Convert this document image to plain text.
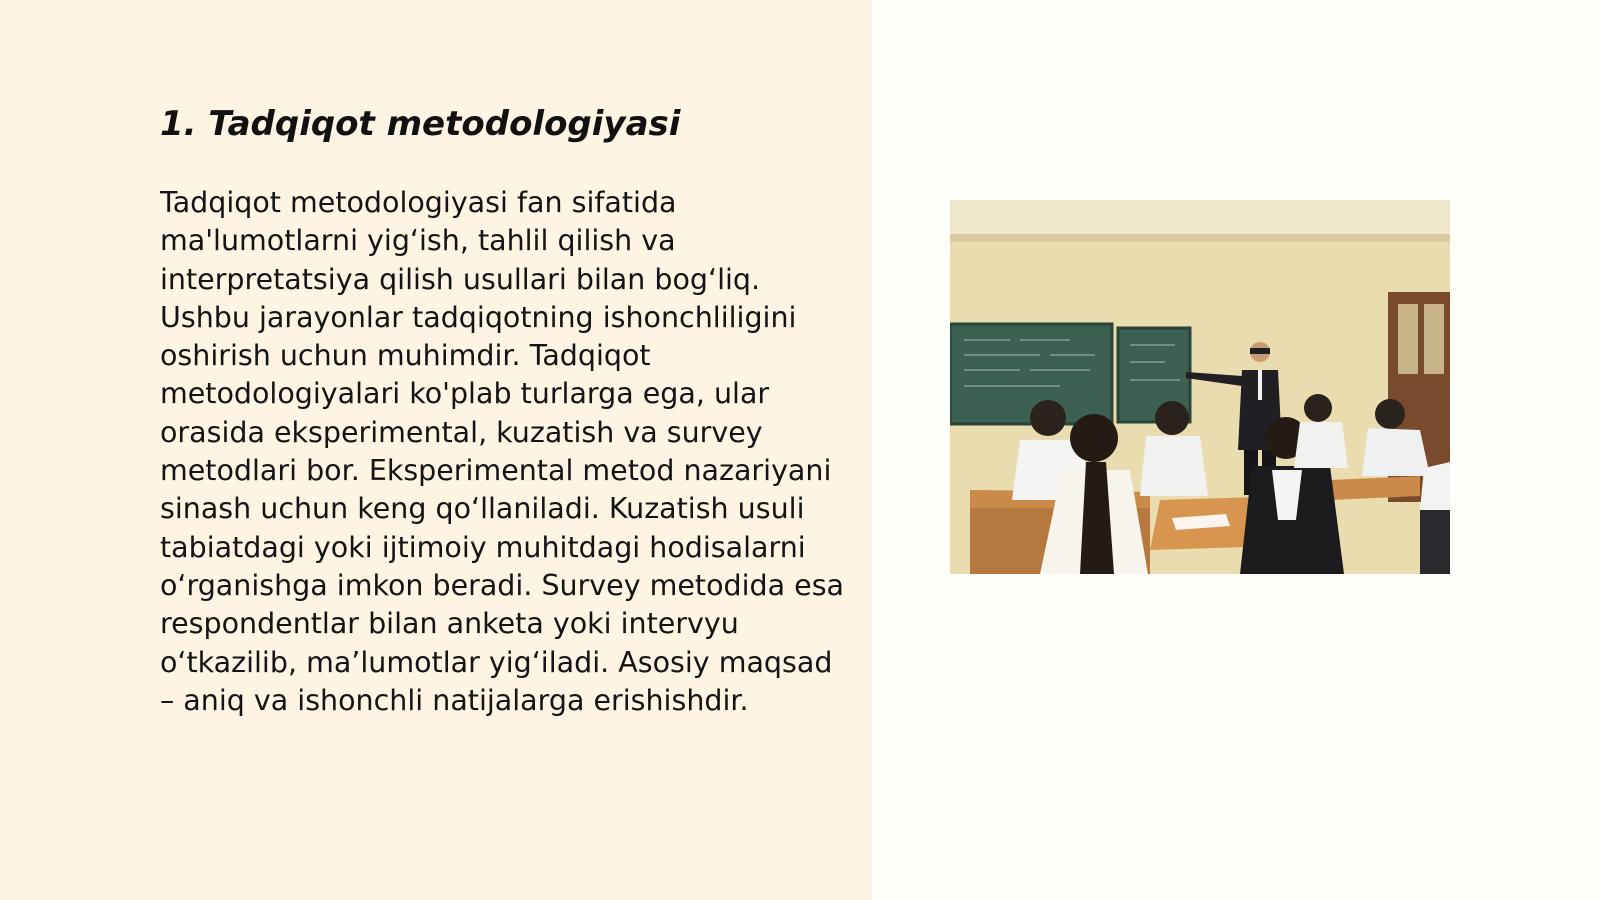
1. Tadqiqot metodologiyasi

Tadqiqot metodologiyasi fan sifatida ma'lumotlarni yig‘ish, tahlil qilish va interpretatsiya qilish usullari bilan bog‘liq. Ushbu jarayonlar tadqiqotning ishonchliligini oshirish uchun muhimdir. Tadqiqot metodologiyalari ko'plab turlarga ega, ular orasida eksperimental, kuzatish va survey metodlari bor. Eksperimental metod nazariyani sinash uchun keng qo‘llaniladi. Kuzatish usuli tabiatdagi yoki ijtimoiy muhitdagi hodisalarni o‘rganishga imkon beradi. Survey metodida esa respondentlar bilan anketa yoki intervyu o‘tkazilib, ma’lumotlar yig‘iladi. Asosiy maqsad – aniq va ishonchli natijalarga erishishdir.
